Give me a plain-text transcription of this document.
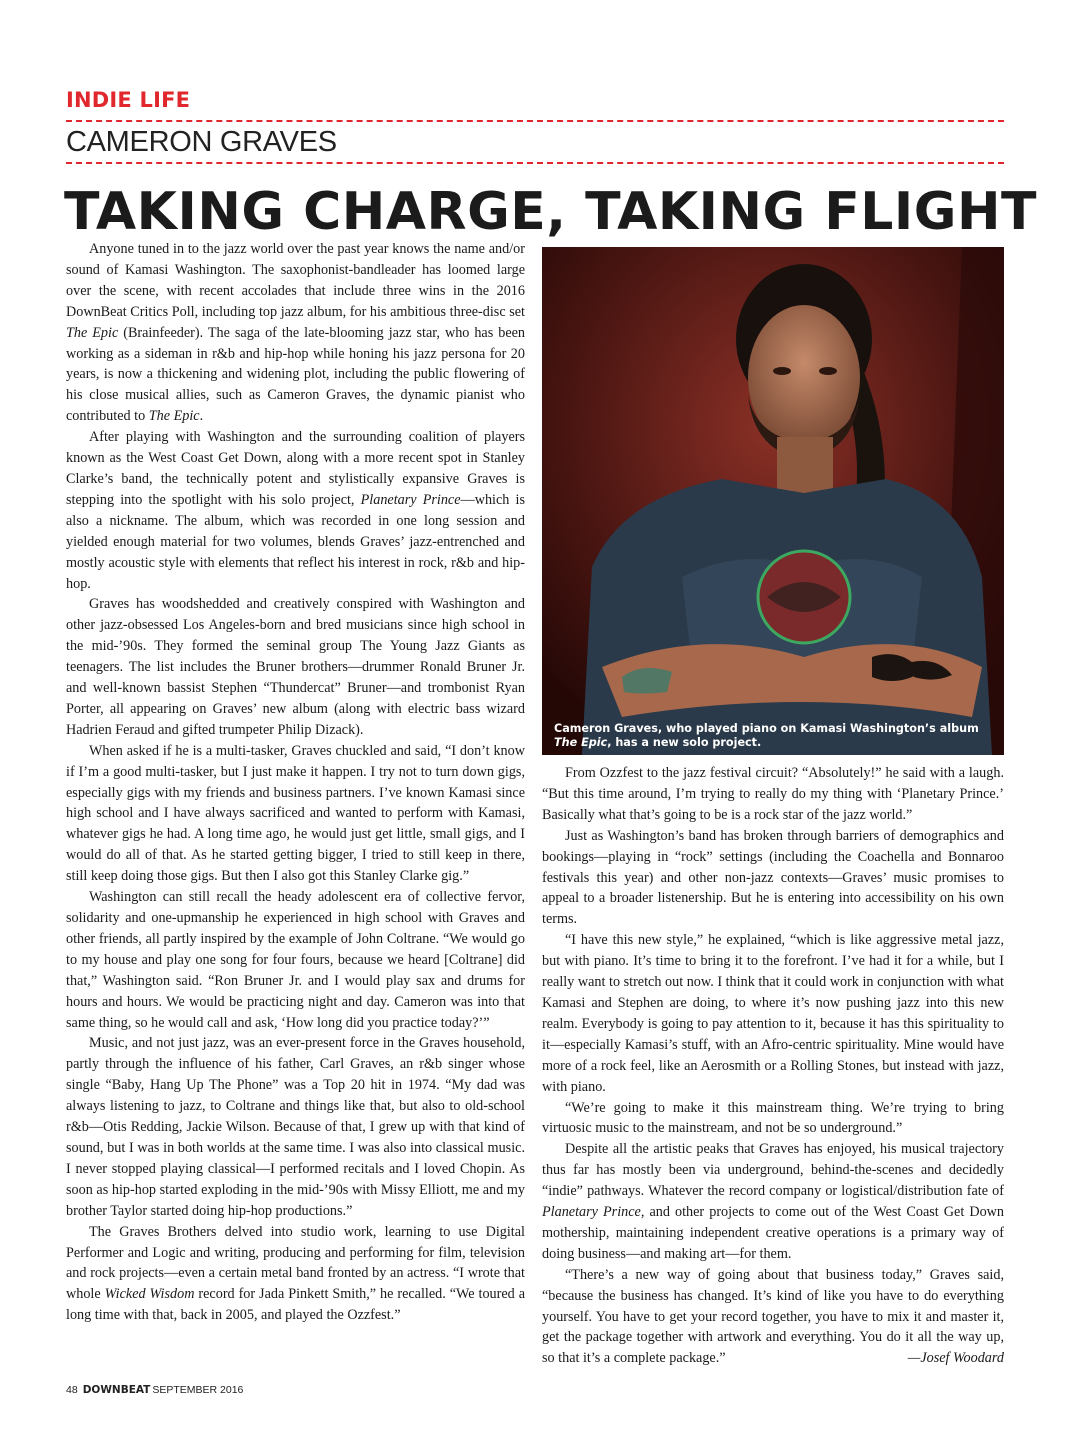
INDIE LIFE
CAMERON GRAVES
TAKING CHARGE, TAKING FLIGHT

Anyone tuned in to the jazz world over the past year knows the name and/or sound of Kamasi Washington. The saxophonist-bandleader has loomed large over the scene, with recent accolades that include three wins in the 2016 DownBeat Critics Poll, including top jazz album, for his ambitious three-disc set The Epic (Brainfeeder). The saga of the late-blooming jazz star, who has been working as a sideman in r&b and hip-hop while honing his jazz persona for 20 years, is now a thickening and widening plot, including the public flowering of his close musical allies, such as Cameron Graves, the dynamic pianist who contributed to The Epic.

After playing with Washington and the surrounding coalition of players known as the West Coast Get Down, along with a more recent spot in Stanley Clarke’s band, the technically potent and stylistically expansive Graves is stepping into the spotlight with his solo project, Planetary Prince—which is also a nickname. The album, which was recorded in one long session and yielded enough material for two volumes, blends Graves’ jazz-entrenched and mostly acoustic style with elements that reflect his interest in rock, r&b and hip-hop.

Graves has woodshedded and creatively conspired with Washington and other jazz-obsessed Los Angeles-born and bred musicians since high school in the mid-’90s. They formed the seminal group The Young Jazz Giants as teenagers. The list includes the Bruner brothers—drummer Ronald Bruner Jr. and well-known bassist Stephen “Thundercat” Bruner—and trombonist Ryan Porter, all appearing on Graves’ new album (along with electric bass wizard Hadrien Feraud and gifted trumpeter Philip Dizack).

When asked if he is a multi-tasker, Graves chuckled and said, “I don’t know if I’m a good multi-tasker, but I just make it happen. I try not to turn down gigs, especially gigs with my friends and business partners. I’ve known Kamasi since high school and I have always sacrificed and wanted to perform with Kamasi, whatever gigs he had. A long time ago, he would just get little, small gigs, and I would do all of that. As he started getting bigger, I tried to still keep in there, still keep doing those gigs. But then I also got this Stanley Clarke gig.”

Washington can still recall the heady adolescent era of collective fervor, solidarity and one-upmanship he experienced in high school with Graves and other friends, all partly inspired by the example of John Coltrane. “We would go to my house and play one song for four fours, because we heard [Coltrane] did that,” Washington said. “Ron Bruner Jr. and I would play sax and drums for hours and hours. We would be practicing night and day. Cameron was into that same thing, so he would call and ask, ‘How long did you practice today?’”

Music, and not just jazz, was an ever-present force in the Graves household, partly through the influence of his father, Carl Graves, an r&b singer whose single “Baby, Hang Up The Phone” was a Top 20 hit in 1974. “My dad was always listening to jazz, to Coltrane and things like that, but also to old-school r&b—Otis Redding, Jackie Wilson. Because of that, I grew up with that kind of sound, but I was in both worlds at the same time. I was also into classical music. I never stopped playing classical—I performed recitals and I loved Chopin. As soon as hip-hop started exploding in the mid-’90s with Missy Elliott, me and my brother Taylor started doing hip-hop productions.”

The Graves Brothers delved into studio work, learning to use Digital Performer and Logic and writing, producing and performing for film, television and rock projects—even a certain metal band fronted by an actress. “I wrote that whole Wicked Wisdom record for Jada Pinkett Smith,” he recalled. “We toured a long time with that, back in 2005, and played the Ozzfest.”

Cameron Graves, who played piano on Kamasi Washington’s album
The Epic, has a new solo project.

From Ozzfest to the jazz festival circuit? “Absolutely!” he said with a laugh. “But this time around, I’m trying to really do my thing with ‘Planetary Prince.’ Basically what that’s going to be is a rock star of the jazz world.”

Just as Washington’s band has broken through barriers of demographics and bookings—playing in “rock” settings (including the Coachella and Bonnaroo festivals this year) and other non-jazz contexts—Graves’ music promises to appeal to a broader listenership. But he is entering into accessibility on his own terms.

“I have this new style,” he explained, “which is like aggressive metal jazz, but with piano. It’s time to bring it to the forefront. I’ve had it for a while, but I really want to stretch out now. I think that it could work in conjunction with what Kamasi and Stephen are doing, to where it’s now pushing jazz into this new realm. Everybody is going to pay attention to it, because it has this spirituality to it—especially Kamasi’s stuff, with an Afro-centric spirituality. Mine would have more of a rock feel, like an Aerosmith or a Rolling Stones, but instead with jazz, with piano.

“We’re going to make it this mainstream thing. We’re trying to bring virtuosic music to the mainstream, and not be so underground.”

Despite all the artistic peaks that Graves has enjoyed, his musical trajectory thus far has mostly been via underground, behind-the-scenes and decidedly “indie” pathways. Whatever the record company or logistical/distribution fate of Planetary Prince, and other projects to come out of the West Coast Get Down mothership, maintaining independent creative operations is a primary way of doing business—and making art—for them.

“There’s a new way of going about that business today,” Graves said, “because the business has changed. It’s kind of like you have to do everything yourself. You have to get your record together, you have to mix it and master it, get the package together with artwork and everything. You do it all the way up, so that it’s a complete package.”	—Josef Woodard

48 DOWNBEAT SEPTEMBER 2016
